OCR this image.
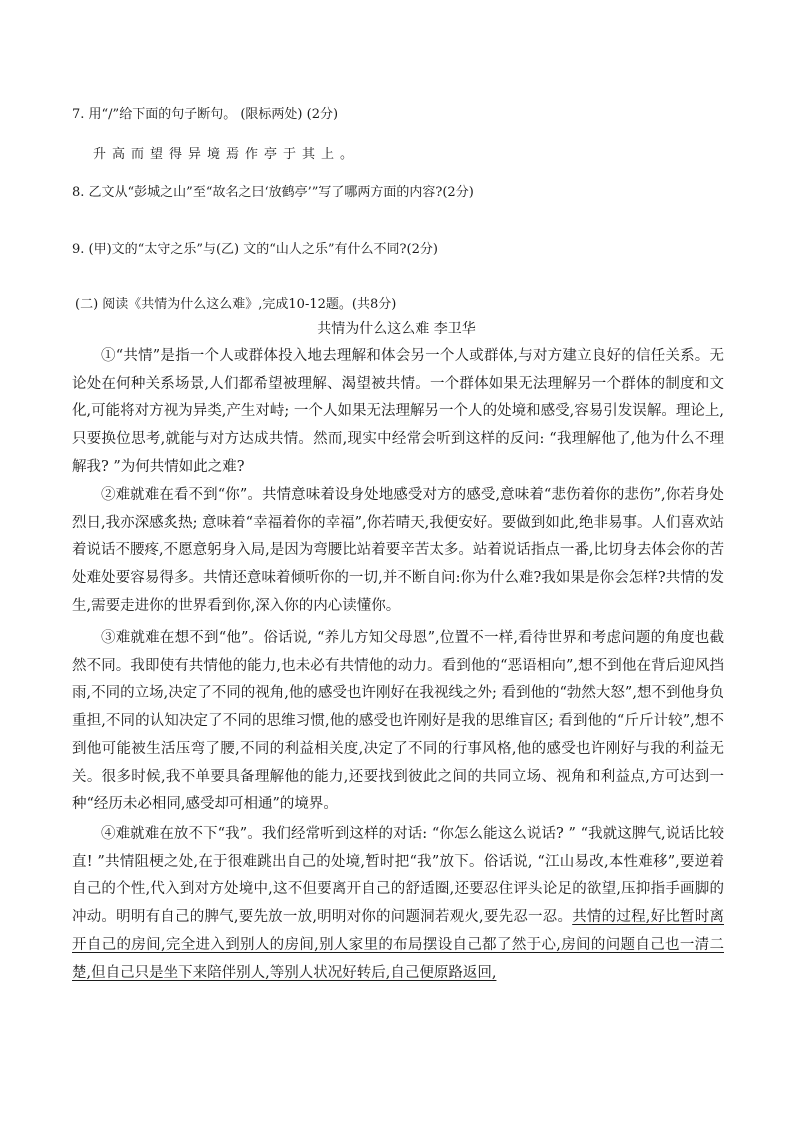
7. 用“/”给下面的句子断句。 (限标两处) (2分)
升高而望得异境焉作亭于其上。
8. 乙文从“彭城之山”至“故名之曰‘放鹤亭’”写了哪两方面的内容?(2分)
9. (甲)文的“太守之乐”与(乙) 文的“山人之乐”有什么不同?(2分)
(二) 阅读《共情为什么这么难》,完成10-12题。(共8分)
共情为什么这么难 李卫华
①“共情”是指一个人或群体投入地去理解和体会另一个人或群体,与对方建立良好的信任关系。无论处在何种关系场景,人们都希望被理解、渴望被共情。一个群体如果无法理解另一个群体的制度和文化,可能将对方视为异类,产生对峙; 一个人如果无法理解另一个人的处境和感受,容易引发误解。理论上,只要换位思考,就能与对方达成共情。然而,现实中经常会听到这样的反问: “我理解他了,他为什么不理解我? ”为何共情如此之难?
②难就难在看不到“你”。共情意味着设身处地感受对方的感受,意味着“悲伤着你的悲伤”,你若身处烈日,我亦深感炙热; 意味着“幸福着你的幸福”,你若晴天,我便安好。要做到如此,绝非易事。人们喜欢站着说话不腰疼,不愿意躬身入局,是因为弯腰比站着要辛苦太多。站着说话指点一番,比切身去体会你的苦处难处要容易得多。共情还意味着倾听你的一切,并不断自问:你为什么难?我如果是你会怎样?共情的发生,需要走进你的世界看到你,深入你的内心读懂你。
③难就难在想不到“他”。俗话说, “养儿方知父母恩”,位置不一样,看待世界和考虑问题的角度也截然不同。我即使有共情他的能力,也未必有共情他的动力。看到他的“恶语相向”,想不到他在背后迎风挡雨,不同的立场,决定了不同的视角,他的感受也许刚好在我视线之外; 看到他的“勃然大怒”,想不到他身负重担,不同的认知决定了不同的思维习惯,他的感受也许刚好是我的思维盲区; 看到他的“斤斤计较”,想不到他可能被生活压弯了腰,不同的利益相关度,决定了不同的行事风格,他的感受也许刚好与我的利益无关。很多时候,我不单要具备理解他的能力,还要找到彼此之间的共同立场、视角和利益点,方可达到一种“经历未必相同,感受却可相通”的境界。
④难就难在放不下“我”。我们经常听到这样的对话: “你怎么能这么说话? ” “我就这脾气,说话比较直! ”共情阻梗之处,在于很难跳出自己的处境,暂时把“我”放下。俗话说, “江山易改,本性难移”,要逆着自己的个性,代入到对方处境中,这不但要离开自己的舒适圈,还要忍住评头论足的欲望,压抑指手画脚的冲动。明明有自己的脾气,要先放一放,明明对你的问题洞若观火,要先忍一忍。共情的过程,好比暂时离开自己的房间,完全进入到别人的房间,别人家里的布局摆设自己都了然于心,房间的问题自己也一清二楚,但自己只是坐下来陪伴别人,等别人状况好转后,自己便原路返回,
